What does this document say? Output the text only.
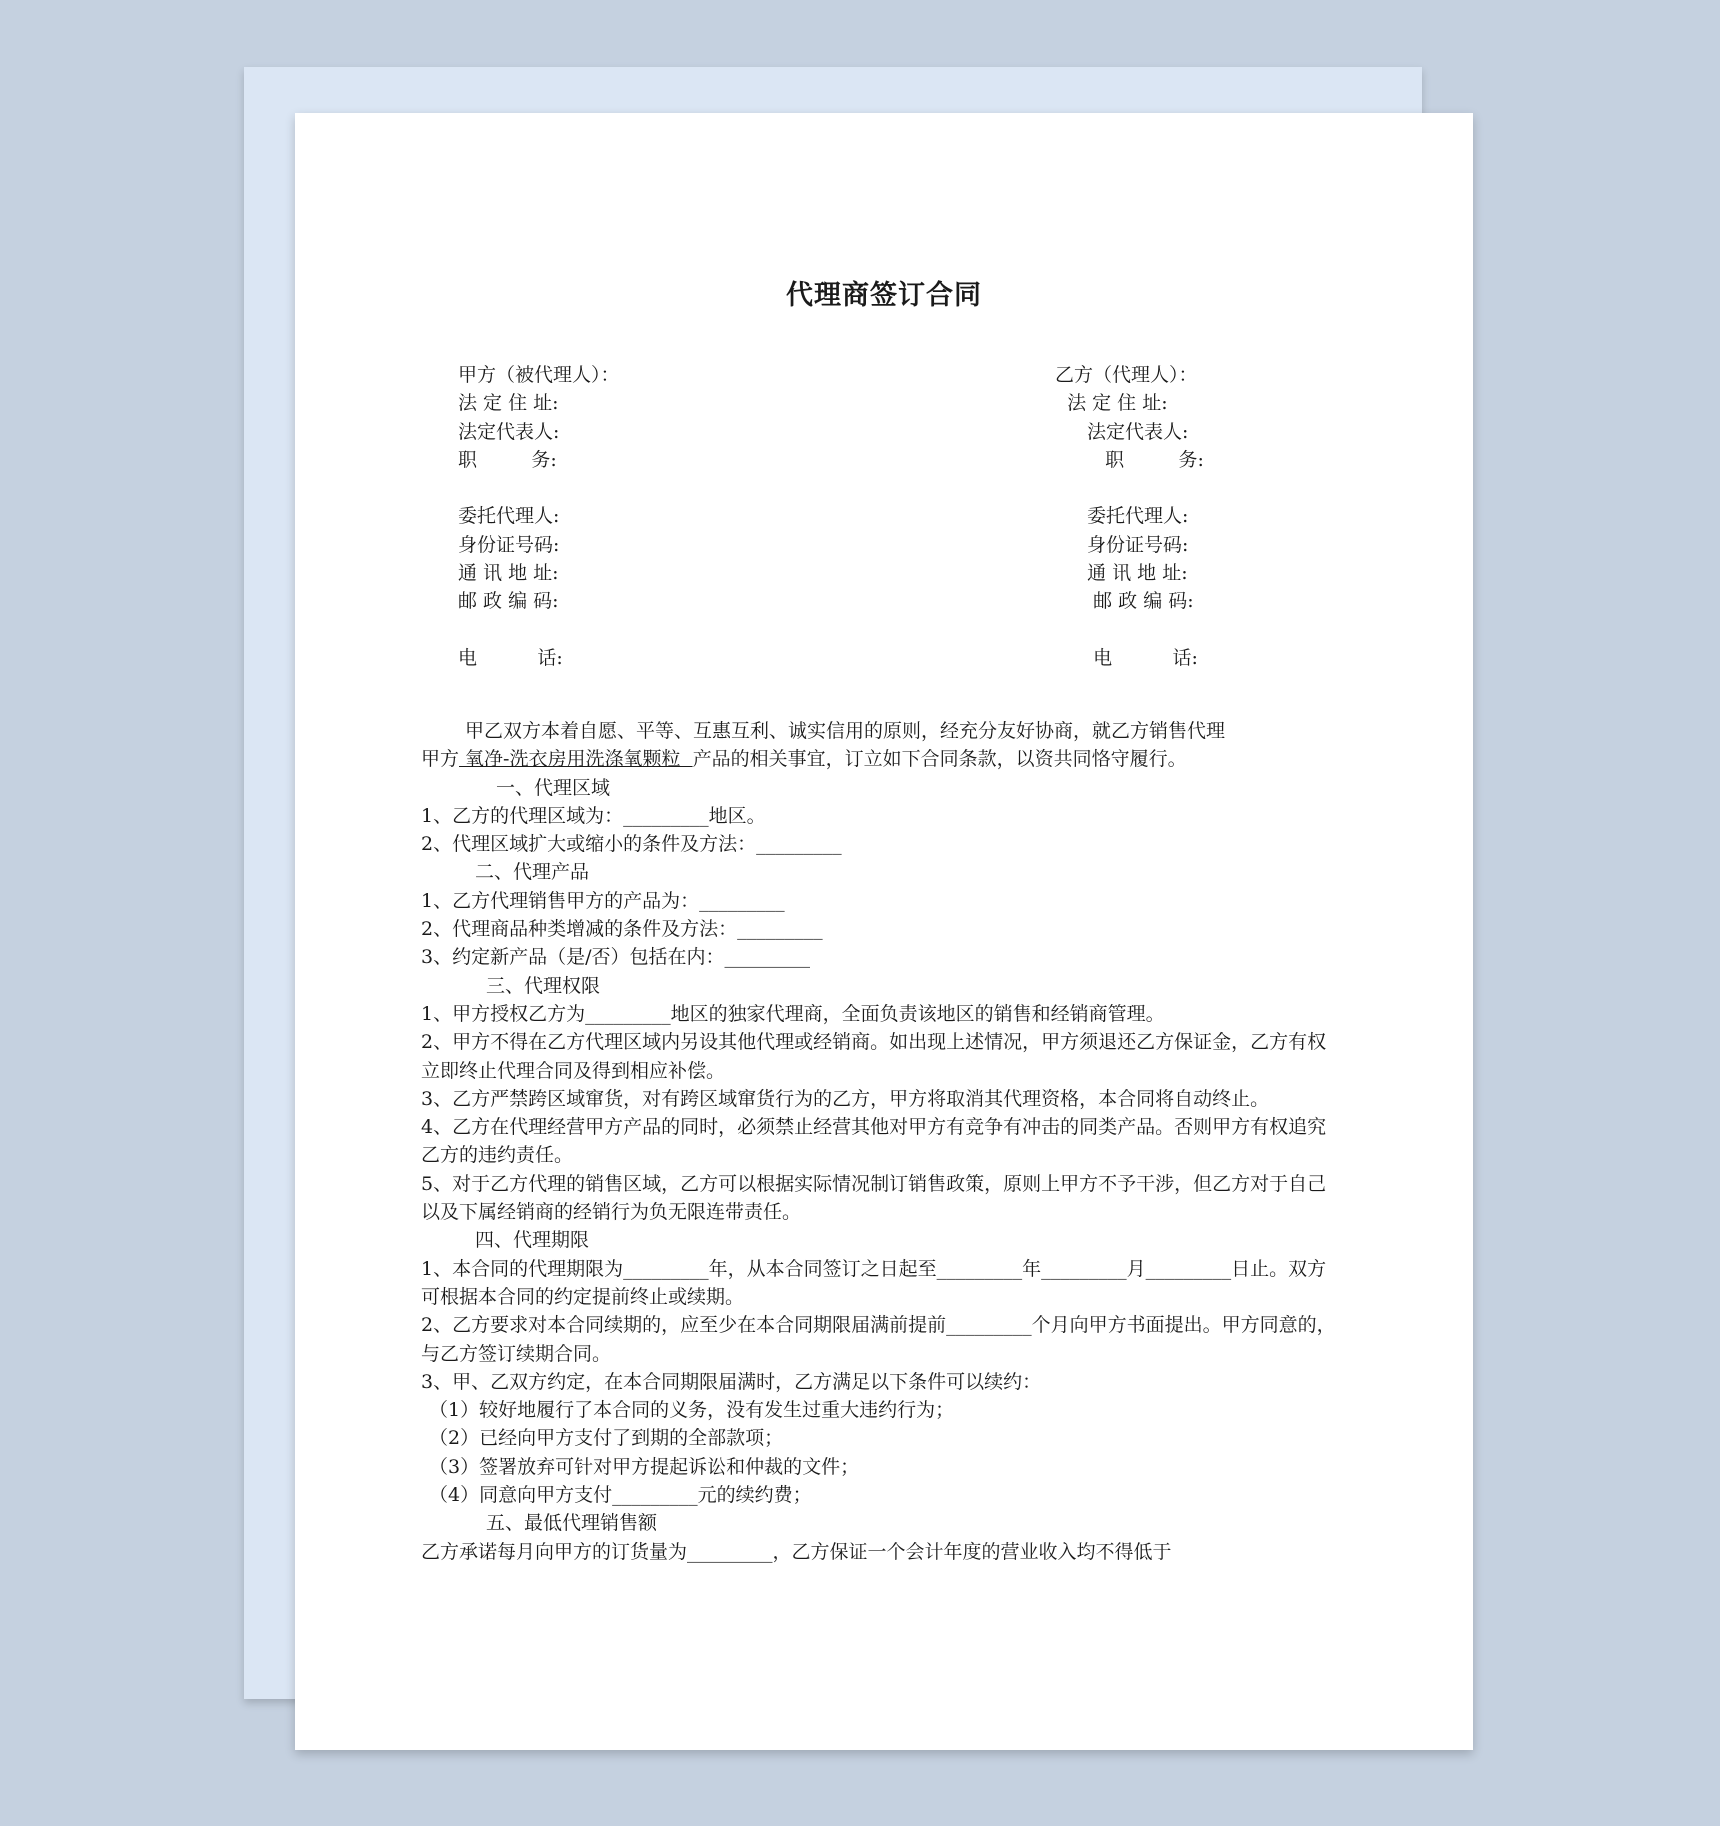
代理商签订合同
甲方（被代理人）：
法 定 住 址:
法定代表人:
职         务:
委托代理人:
身份证号码:
通 讯 地 址:
邮 政 编 码:
电          话:
乙方（代理人）：
法 定 住 址:
法定代表人:
职         务:
委托代理人:
身份证号码:
通 讯 地 址:
邮 政 编 码:
电          话:

甲乙双方本着自愿、平等、互惠互利、诚实信用的原则，经充分友好协商，就乙方销售代理

甲方 氧净-洗衣房用洗涤氧颗粒  产品的相关事宜，订立如下合同条款，以资共同恪守履行。

一、代理区域

1、乙方的代理区域为：_________地区。

2、代理区域扩大或缩小的条件及方法：_________

二、代理产品

1、乙方代理销售甲方的产品为：_________

2、代理商品种类增减的条件及方法：_________

3、约定新产品（是/否）包括在内：_________

三、代理权限

1、甲方授权乙方为_________地区的独家代理商，全面负责该地区的销售和经销商管理。

2、甲方不得在乙方代理区域内另设其他代理或经销商。如出现上述情况，甲方须退还乙方保证金，乙方有权立即终止代理合同及得到相应补偿。

3、乙方严禁跨区域窜货，对有跨区域窜货行为的乙方，甲方将取消其代理资格，本合同将自动终止。

4、乙方在代理经营甲方产品的同时，必须禁止经营其他对甲方有竞争有冲击的同类产品。否则甲方有权追究乙方的违约责任。

5、对于乙方代理的销售区域，乙方可以根据实际情况制订销售政策，原则上甲方不予干涉，但乙方对于自己以及下属经销商的经销行为负无限连带责任。

四、代理期限

1、本合同的代理期限为_________年，从本合同签订之日起至_________年_________月_________日止。双方可根据本合同的约定提前终止或续期。

2、乙方要求对本合同续期的，应至少在本合同期限届满前提前_________个月向甲方书面提出。甲方同意的，与乙方签订续期合同。

3、甲、乙双方约定，在本合同期限届满时，乙方满足以下条件可以续约：

（1）较好地履行了本合同的义务，没有发生过重大违约行为；

（2）已经向甲方支付了到期的全部款项；

（3）签署放弃可针对甲方提起诉讼和仲裁的文件；

（4）同意向甲方支付_________元的续约费；

五、最低代理销售额

乙方承诺每月向甲方的订货量为_________，乙方保证一个会计年度的营业收入均不得低于
